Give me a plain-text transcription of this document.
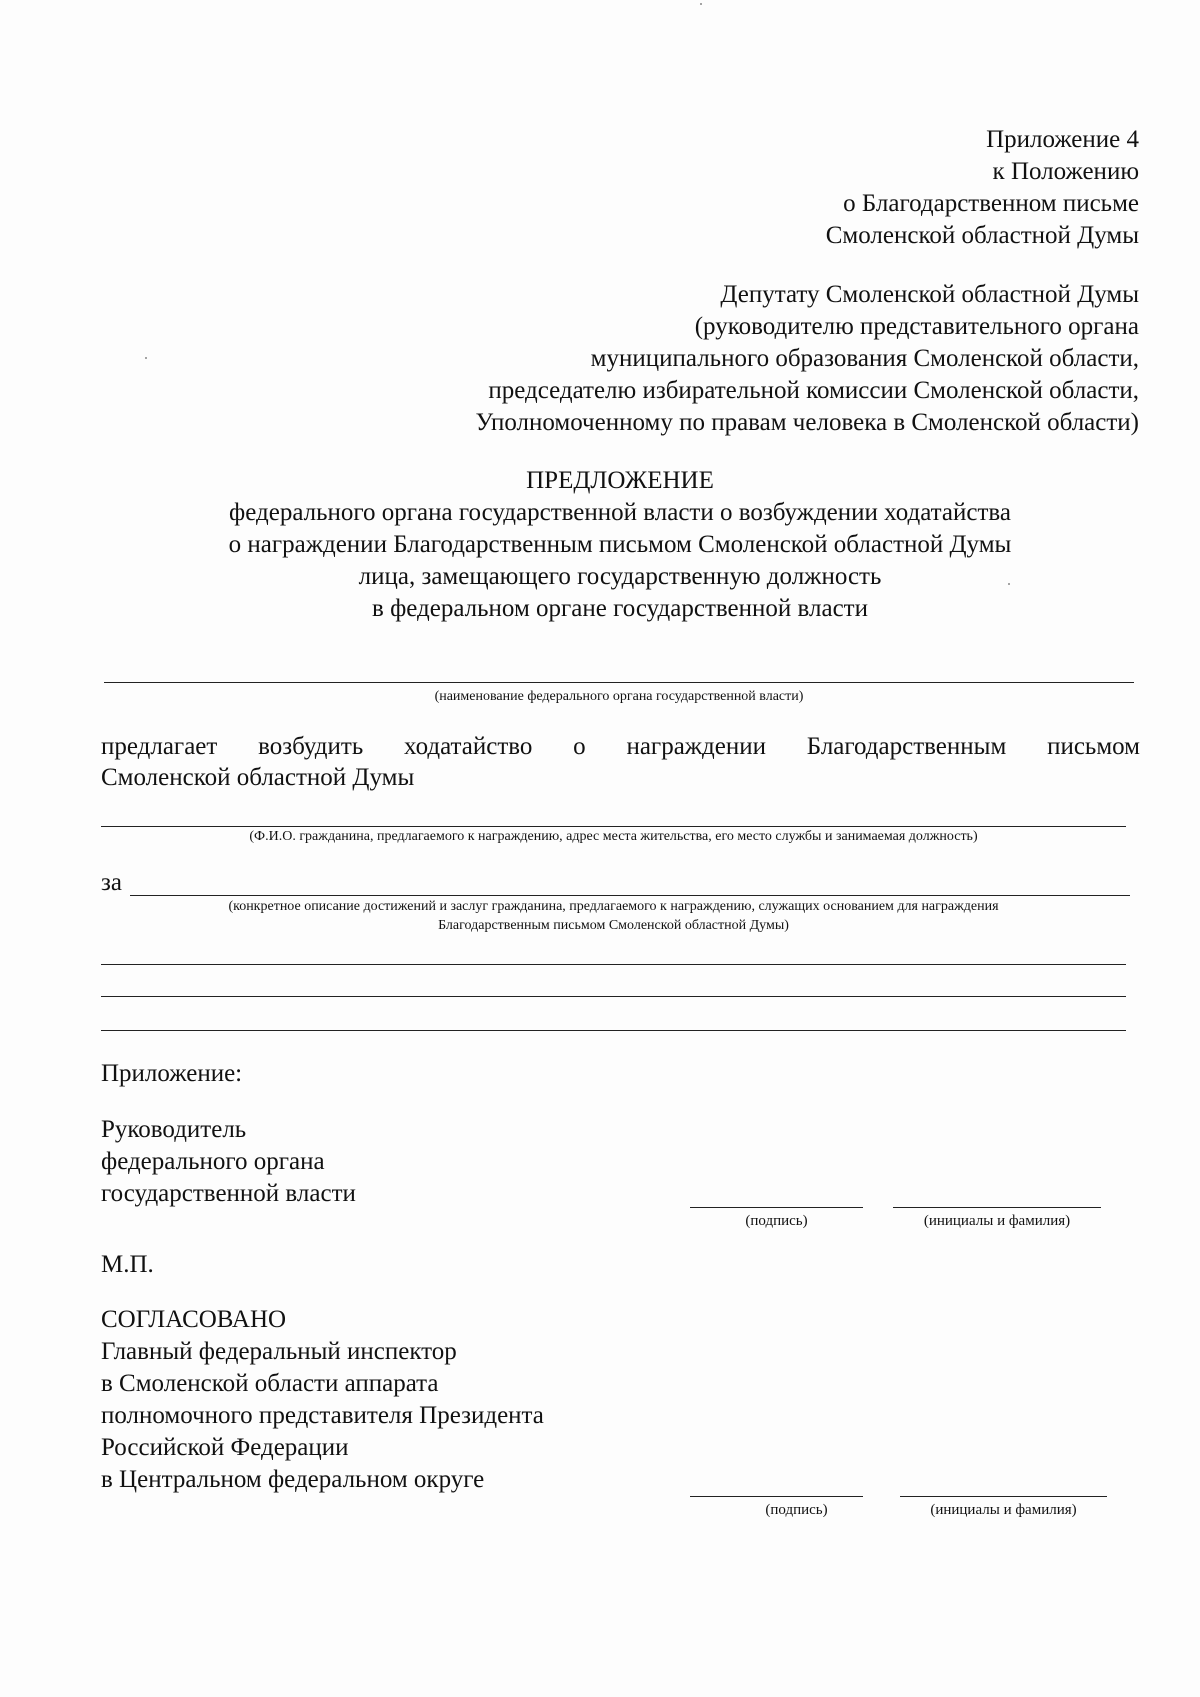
Приложение 4
к Положению
о Благодарственном письме
Смоленской областной Думы
Депутату Смоленской областной Думы
(руководителю представительного органа
муниципального образования Смоленской области,
председателю избирательной комиссии Смоленской области,
Уполномоченному по правам человека в Смоленской области)
ПРЕДЛОЖЕНИЕ
федерального органа государственной власти о возбуждении ходатайства
о награждении Благодарственным письмом Смоленской областной Думы
лица, замещающего государственную должность
в федеральном органе государственной власти
(наименование федерального органа государственной власти)
предлагает возбудить ходатайство о награждении Благодарственным письмом
Смоленской областной Думы
(Ф.И.О. гражданина, предлагаемого к награждению, адрес места жительства, его место службы и занимаемая должность)
за
(конкретное описание достижений и заслуг гражданина, предлагаемого к награждению, служащих основанием для награждения
Благодарственным письмом Смоленской областной Думы)
Приложение:
Руководитель
федерального органа
государственной власти
(подпись)	(инициалы и фамилия)
М.П.
СОГЛАСОВАНО
Главный федеральный инспектор
в Смоленской области аппарата
полномочного представителя Президента
Российской Федерации
в Центральном федеральном округе
(подпись)	(инициалы и фамилия)
